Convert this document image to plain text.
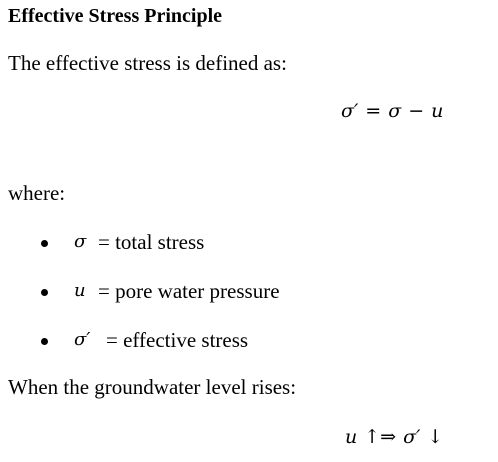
Effective Stress Principle
The effective stress is defined as:
σ′ = σ − u
where:
σ = total stress
u = pore water pressure
σ′ = effective stress
When the groundwater level rises:
u ↑⇒ σ′ ↓
